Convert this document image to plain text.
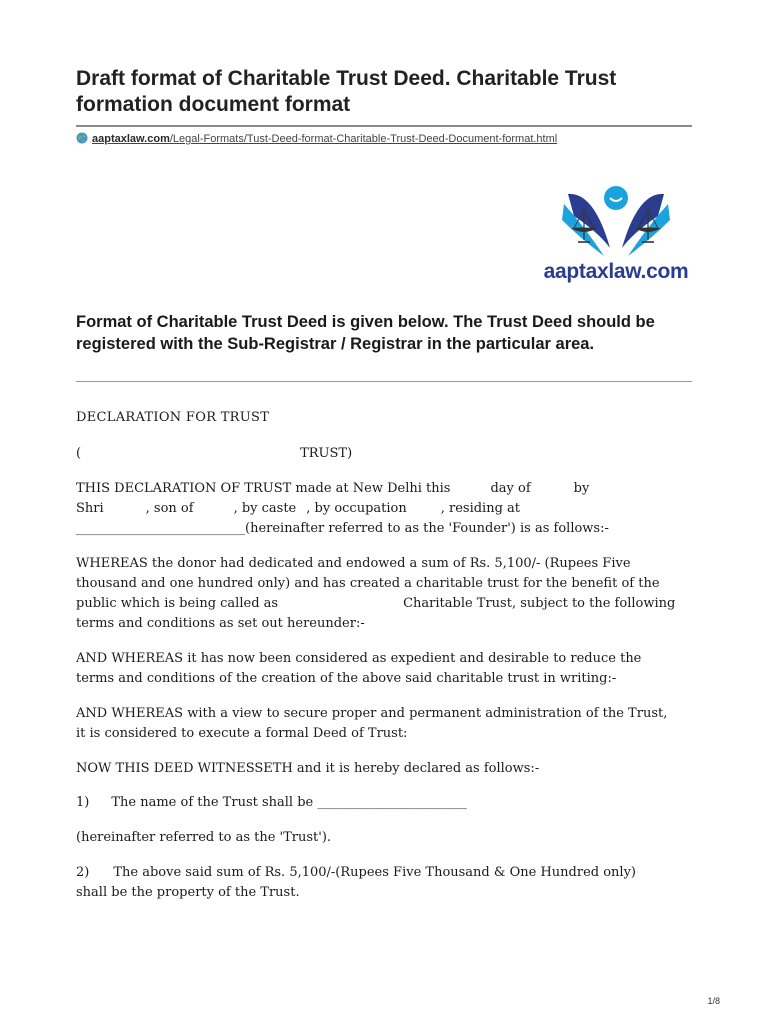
Draft format of Charitable Trust Deed. Charitable Trust formation document format
aaptaxlaw.com/Legal-Formats/Tust-Deed-format-Charitable-Trust-Deed-Document-format.html
aaptaxlaw.com
Format of Charitable Trust Deed is given below. The Trust Deed should be registered with the Sub-Registrar / Registrar in the particular area.
DECLARATION FOR TRUST
(	TRUST)
THIS DECLARATION OF TRUST made at New Delhi this	day of	by
Shri	, son of	, by caste , by occupation	, residing at
__________________________(hereinafter referred to as the 'Founder') is as follows:-
WHEREAS the donor had dedicated and endowed a sum of Rs. 5,100/- (Rupees Five
thousand and one hundred only) and has created a charitable trust for the benefit of the
public which is being called as	Charitable Trust, subject to the following
terms and conditions as set out hereunder:-
AND WHEREAS it has now been considered as expedient and desirable to reduce the
terms and conditions of the creation of the above said charitable trust in writing:-
AND WHEREAS with a view to secure proper and permanent administration of the Trust,
it is considered to execute a formal Deed of Trust:
NOW THIS DEED WITNESSETH and it is hereby declared as follows:-
1) The name of the Trust shall be _______________________
(hereinafter referred to as the 'Trust').
2) The above said sum of Rs. 5,100/-(Rupees Five Thousand & One Hundred only)
shall be the property of the Trust.
1/8
